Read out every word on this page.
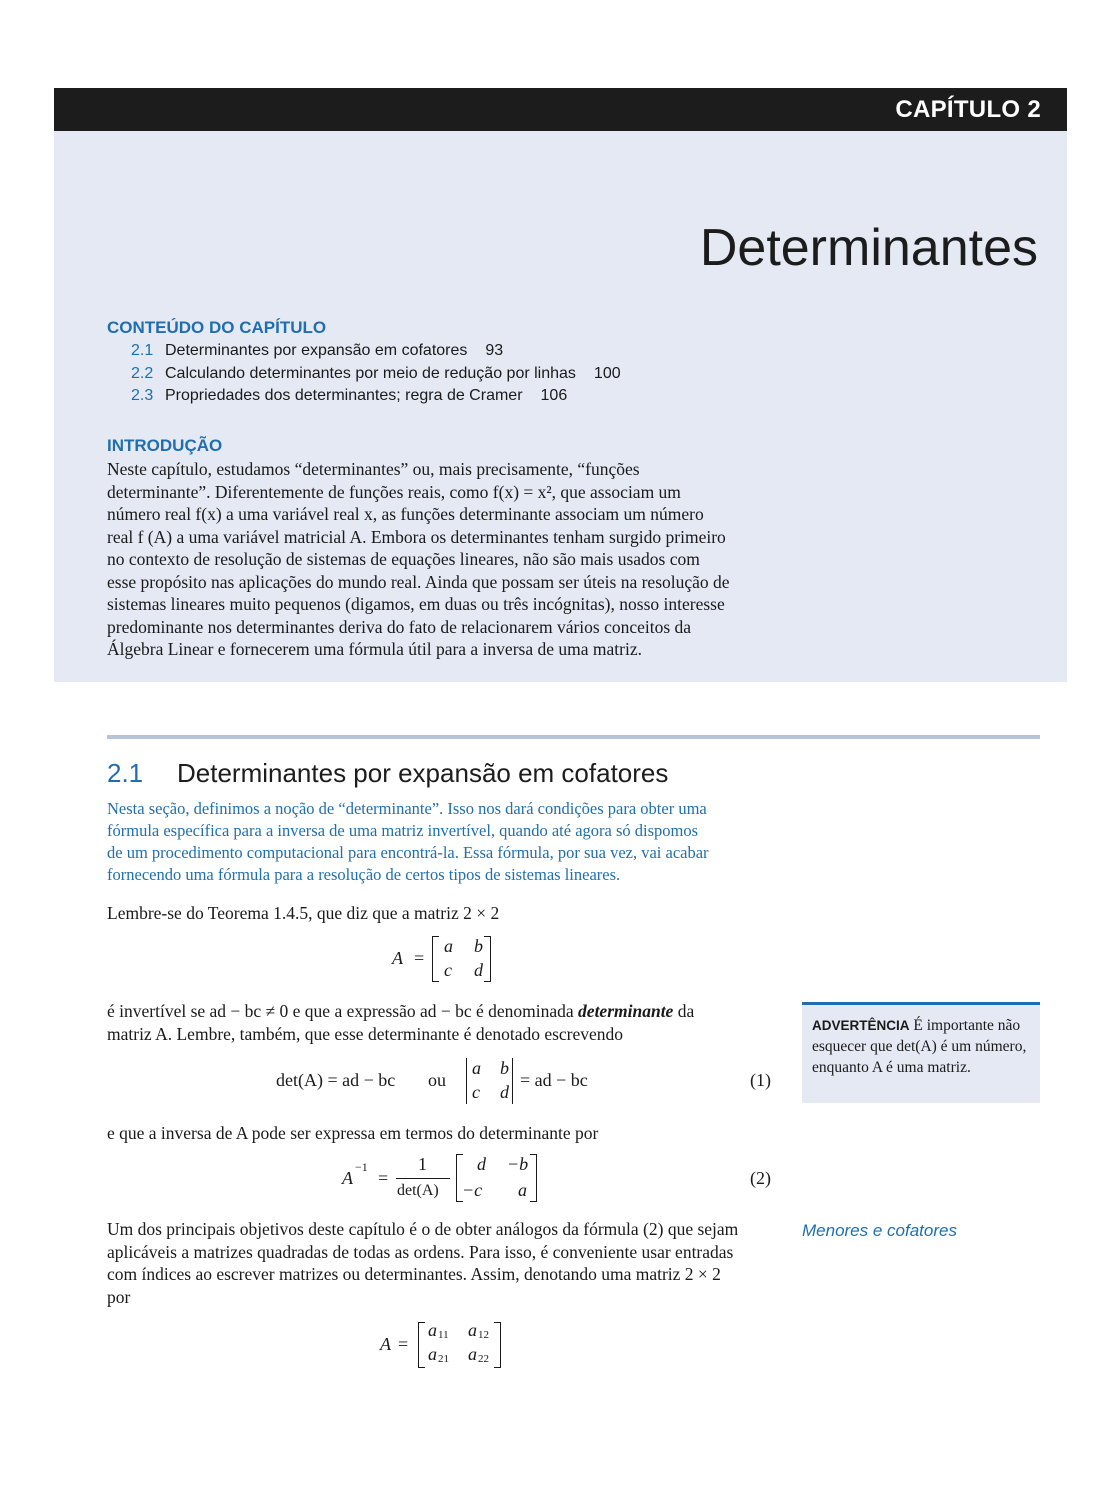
CAPÍTULO 2
Determinantes
CONTEÚDO DO CAPÍTULO
2.1 Determinantes por expansão em cofatores 93
2.2 Calculando determinantes por meio de redução por linhas 100
2.3 Propriedades dos determinantes; regra de Cramer 106
INTRODUÇÃO
Neste capítulo, estudamos “determinantes” ou, mais precisamente, “funções
determinante”. Diferentemente de funções reais, como f(x) = x², que associam um
número real f(x) a uma variável real x, as funções determinante associam um número
real f (A) a uma variável matricial A. Embora os determinantes tenham surgido primeiro
no contexto de resolução de sistemas de equações lineares, não são mais usados com
esse propósito nas aplicações do mundo real. Ainda que possam ser úteis na resolução de
sistemas lineares muito pequenos (digamos, em duas ou três incógnitas), nosso interesse
predominante nos determinantes deriva do fato de relacionarem vários conceitos da
Álgebra Linear e fornecerem uma fórmula útil para a inversa de uma matriz.
2.1 Determinantes por expansão em cofatores
Nesta seção, definimos a noção de “determinante”. Isso nos dará condições para obter uma
fórmula específica para a inversa de uma matriz invertível, quando até agora só dispomos
de um procedimento computacional para encontrá-la. Essa fórmula, por sua vez, vai acabar
fornecendo uma fórmula para a resolução de certos tipos de sistemas lineares.
Lembre-se do Teorema 1.4.5, que diz que a matriz 2 × 2
A =
a b
c d
é invertível se ad − bc ≠ 0 e que a expressão ad − bc é denominada determinante da
matriz A. Lembre, também, que esse determinante é denotado escrevendo
det(A) = ad − bc ou
a b
c d
= ad − bc	(1)
e que a inversa de A pode ser expressa em termos do determinante por
A
−1
=
1
det(A)
d −b
−c a
(2)
Um dos principais objetivos deste capítulo é o de obter análogos da fórmula (2) que sejam
aplicáveis a matrizes quadradas de todas as ordens. Para isso, é conveniente usar entradas
com índices ao escrever matrizes ou determinantes. Assim, denotando uma matriz 2 × 2
por
A =
a 11 a 12
a 21 a 22
ADVERTÊNCIA É importante não esquecer que det(A) é um número, enquanto A é uma matriz.
Menores e cofatores
